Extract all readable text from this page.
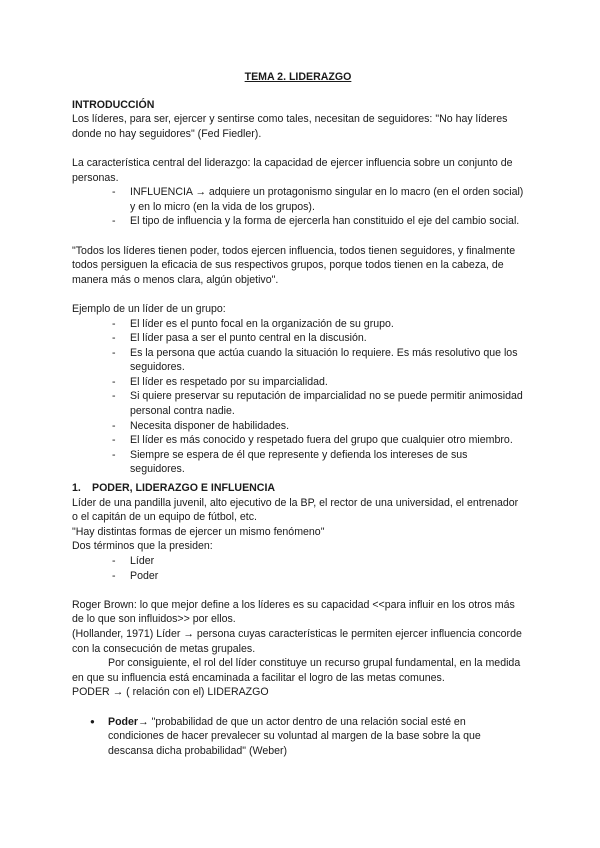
TEMA 2. LIDERAZGO

INTRODUCCIÓN

Los líderes, para ser, ejercer y sentirse como tales, necesitan de seguidores: "No hay líderes donde no hay seguidores" (Fed Fiedler).

La característica central del liderazgo: la capacidad de ejercer influencia sobre un conjunto de personas.

- INFLUENCIA → adquiere un protagonismo singular en lo macro (en el orden social) y en lo micro (en la vida de los grupos).
- El tipo de influencia y la forma de ejercerla han constituido el eje del cambio social.

"Todos los líderes tienen poder, todos ejercen influencia, todos tienen seguidores, y finalmente todos persiguen la eficacia de sus respectivos grupos, porque todos tienen en la cabeza, de manera más o menos clara, algún objetivo".

Ejemplo de un líder de un grupo:

- El líder es el punto focal en la organización de su grupo.
- El líder pasa a ser el punto central en la discusión.
- Es la persona que actúa cuando la situación lo requiere. Es más resolutivo que los seguidores.
- El líder es respetado por su imparcialidad.
- Si quiere preservar su reputación de imparcialidad no se puede permitir animosidad personal contra nadie.
- Necesita disponer de habilidades.
- El líder es más conocido y respetado fuera del grupo que cualquier otro miembro.
- Siempre se espera de él que represente y defienda los intereses de sus seguidores.
1. PODER, LIDERAZGO E INFLUENCIA

Líder de una pandilla juvenil, alto ejecutivo de la BP, el rector de una universidad, el entrenador o el capitán de un equipo de fútbol, etc.

"Hay distintas formas de ejercer un mismo fenómeno"

Dos términos que la presiden:

- Líder
- Poder

Roger Brown: lo que mejor define a los líderes es su capacidad <<para influir en los otros más de lo que son influidos>> por ellos.

(Hollander, 1971) Líder → persona cuyas características le permiten ejercer influencia concorde con la consecución de metas grupales.

Por consiguiente, el rol del líder constituye un recurso grupal fundamental, en la medida en que su influencia está encaminada a facilitar el logro de las metas comunes.

PODER → ( relación con el) LIDERAZGO

● Poder→ "probabilidad de que un actor dentro de una relación social esté en condiciones de hacer prevalecer su voluntad al margen de la base sobre la que descansa dicha probabilidad" (Weber)
